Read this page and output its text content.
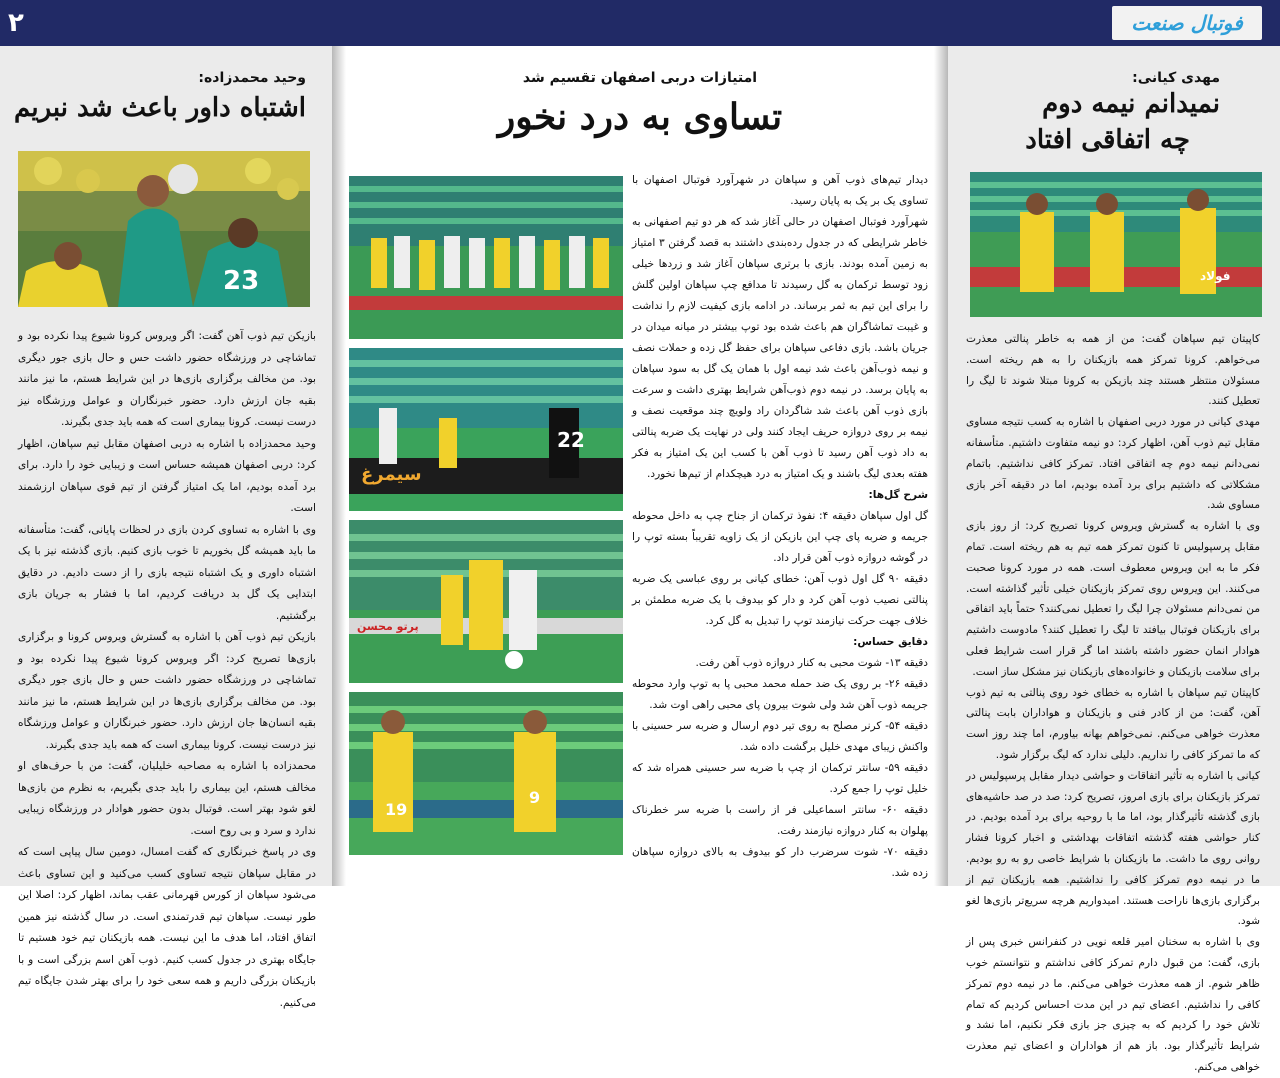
فوتبال صنعت
۲
وحید محمدزاده:
اشتباه داور باعث شد نبریم
23

بازیکن تیم ذوب آهن گفت: اگر ویروس کرونا شیوع پیدا نکرده بود و تماشاچی در ورزشگاه حضور داشت حس و حال بازی جور دیگری بود. من مخالف برگزاری بازی‌ها در این شرایط هستم، ما نیز مانند بقیه جان ارزش دارد. حضور خبرنگاران و عوامل ورزشگاه نیز درست نیست. کرونا بیماری است که همه باید جدی بگیرند.

وحید محمدزاده با اشاره به دربی اصفهان مقابل تیم سپاهان، اظهار کرد: دربی اصفهان همیشه حساس است و زیبایی خود را دارد. برای برد آمده بودیم، اما یک امتیاز گرفتن از تیم قوی سپاهان ارزشمند است.

وی با اشاره به تساوی کردن بازی در لحظات پایانی، گفت: متأسفانه ما باید همیشه گل بخوریم تا خوب بازی کنیم. بازی گذشته نیز با یک اشتباه داوری و یک اشتباه نتیجه بازی را از دست دادیم. در دقایق ابتدایی یک گل بد دریافت کردیم، اما با فشار به جریان بازی برگشتیم.

بازیکن تیم ذوب آهن با اشاره به گسترش ویروس کرونا و برگزاری بازی‌ها تصریح کرد: اگر ویروس کرونا شیوع پیدا نکرده بود و تماشاچی در ورزشگاه حضور داشت حس و حال بازی جور دیگری بود. من مخالف برگزاری بازی‌ها در این شرایط هستم، ما نیز مانند بقیه انسان‌ها جان ارزش دارد. حضور خبرنگاران و عوامل ورزشگاه نیز درست نیست. کرونا بیماری است که همه باید جدی بگیرند.

محمدزاده با اشاره به مصاحبه خلیلیان، گفت: من با حرف‌های او مخالف هستم، این بیماری را باید جدی بگیریم، به نظرم من بازی‌ها لغو شود بهتر است. فوتبال بدون حضور هوادار در ورزشگاه زیبایی ندارد و سرد و بی روح است.

وی در پاسخ خبرنگاری که گفت امسال، دومین سال پیاپی است که در مقابل سپاهان نتیجه تساوی کسب می‌کنید و این تساوی باعث می‌شود سپاهان از کورس قهرمانی عقب بماند، اظهار کرد: اصلا این طور نیست. سپاهان تیم قدرتمندی است. در سال گذشته نیز همین اتفاق افتاد، اما هدف ما این نیست. همه بازیکنان تیم خود هستیم تا جایگاه بهتری در جدول کسب کنیم. ذوب آهن اسم بزرگی است و با بازیکنان بزرگی داریم و همه سعی خود را برای بهتر شدن جایگاه تیم می‌کنیم.

امتیازات دربی اصفهان تقسیم شد
تساوی به درد نخور
سیمرغ
22
پرتو محسن
19
9

دیدار تیم‌های ذوب آهن و سپاهان در شهرآورد فوتبال اصفهان با تساوی یک بر یک به پایان رسید.

شهرآورد فوتبال اصفهان در حالی آغاز شد که هر دو تیم اصفهانی به خاطر شرایطی که در جدول رده‌بندی داشتند به قصد گرفتن ۳ امتیاز به زمین آمده بودند. بازی با برتری سپاهان آغاز شد و زردها خیلی زود توسط ترکمان به گل رسیدند تا مدافع چپ سپاهان اولین گلش را برای این تیم به ثمر برساند. در ادامه بازی کیفیت لازم را نداشت و غیبت تماشاگران هم باعث شده بود توپ بیشتر در میانه میدان در جریان باشد. بازی دفاعی سپاهان برای حفظ گل زده و حملات نصف و نیمه ذوب‌آهن باعث شد نیمه اول با همان یک گل به سود سپاهان به پایان برسد. در نیمه دوم ذوب‌آهن شرایط بهتری داشت و سرعت بازی ذوب آهن باعث شد شاگردان راد ولویچ چند موقعیت نصف و نیمه بر روی دروازه حریف ایجاد کنند ولی در نهایت یک ضربه پنالتی به داد ذوب آهن رسید تا ذوب آهن با کسب این یک امتیاز به فکر هفته بعدی لیگ باشند و یک امتیاز به درد هیچکدام از تیم‌ها نخورد.

شرح گل‌ها:

گل اول سپاهان دقیقه ۴: نفوذ ترکمان از جناح چپ به داخل محوطه جریمه و ضربه پای چپ این بازیکن از یک زاویه تقریباً بسته توپ را در گوشه دروازه ذوب آهن قرار داد.

دقیقه ۹۰ گل اول ذوب آهن: خطای کیانی بر روی عباسی یک ضربه پنالتی نصیب ذوب آهن کرد و دار کو بیدوف با یک ضربه مطمئن بر خلاف جهت حرکت نیازمند توپ را تبدیل به گل کرد.

دقایق حساس:

دقیقه ۱۳- شوت محبی به کنار دروازه ذوب آهن رفت.

دقیقه ۲۶- بر روی یک ضد حمله محمد محبی پا به توپ وارد محوطه جریمه ذوب آهن شد ولی شوت بیرون پای محبی راهی اوت شد.

دقیقه ۵۴- کرنر مصلح به روی تیر دوم ارسال و ضربه سر حسینی با واکنش زیبای مهدی خلیل برگشت داده شد.

دقیقه ۵۹- سانتر ترکمان از چپ با ضربه سر حسینی همراه شد که خلیل توپ را جمع کرد.

دقیقه ۶۰- سانتر اسماعیلی فر از راست با ضربه سر خطرناک پهلوان به کنار دروازه نیازمند رفت.

دقیقه ۷۰- شوت سرضرب دار کو بیدوف به بالای دروازه سپاهان زده شد.

مهدی کیانی:
نمیدانم نیمه دوم
چه اتفاقی افتاد
فولاد

کاپیتان تیم سپاهان گفت: من از همه به خاطر پنالتی معذرت می‌خواهم. کرونا تمرکز همه بازیکنان را به هم ریخته است. مسئولان منتظر هستند چند بازیکن به کرونا مبتلا شوند تا لیگ را تعطیل کنند.

مهدی کیانی در مورد دربی اصفهان با اشاره به کسب نتیجه مساوی مقابل تیم ذوب آهن، اظهار کرد: دو نیمه متفاوت داشتیم. متأسفانه نمی‌دانم نیمه دوم چه اتفاقی افتاد. تمرکز کافی نداشتیم. باتمام مشکلاتی که داشتیم برای برد آمده بودیم، اما در دقیقه آخر بازی مساوی شد.

وی با اشاره به گسترش ویروس کرونا تصریح کرد: از روز بازی مقابل پرسپولیس تا کنون تمرکز همه تیم به هم ریخته است. تمام فکر ما به این ویروس معطوف است. همه در مورد کرونا صحبت می‌کنند. این ویروس روی تمرکز بازیکنان خیلی تأثیر گذاشته است. من نمی‌دانم مسئولان چرا لیگ را تعطیل نمی‌کنند؟ حتماً باید اتفاقی برای بازیکنان فوتبال بیافتد تا لیگ را تعطیل کنند؟ مادوست داشتیم هوادار انمان حضور داشته باشند اما گر قرار است شرایط فعلی برای سلامت بازیکنان و خانواده‌های بازیکنان نیز مشکل ساز است.

کاپیتان تیم سپاهان با اشاره به خطای خود روی پنالتی به تیم ذوب آهن، گفت: من از کادر فنی و بازیکنان و هواداران بابت پنالتی معذرت خواهی می‌کنم. نمی‌خواهم بهانه بیاورم، اما چند روز است که ما تمرکز کافی را نداریم. دلیلی ندارد که لیگ برگزار شود.

کیانی با اشاره به تأثیر اتفاقات و حواشی دیدار مقابل پرسپولیس در تمرکز بازیکنان برای بازی امروز، تصریح کرد: صد در صد حاشیه‌های بازی گذشته تأثیرگذار بود، اما ما با روحیه برای برد آمده بودیم. در کنار حواشی هفته گذشته اتفاقات بهداشتی و اخبار کرونا فشار روانی روی ما داشت. ما بازیکنان با شرایط خاصی رو به رو بودیم. ما در نیمه دوم تمرکز کافی را نداشتیم. همه بازیکنان تیم از برگزاری بازی‌ها ناراحت هستند. امیدواریم هرچه سریع‌تر بازی‌ها لغو شود.

وی با اشاره به سخنان امیر قلعه نویی در کنفرانس خبری پس از بازی، گفت: من قبول دارم تمرکز کافی نداشتم و نتوانستم خوب ظاهر شوم. از همه معذرت خواهی می‌کنم. ما در نیمه دوم تمرکز کافی را نداشتیم. اعضای تیم در این مدت احساس کردیم که تمام تلاش خود را کردیم که به چیزی جز بازی فکر نکنیم، اما نشد و شرایط تأثیرگذار بود. باز هم از هواداران و اعضای تیم معذرت خواهی می‌کنم.
